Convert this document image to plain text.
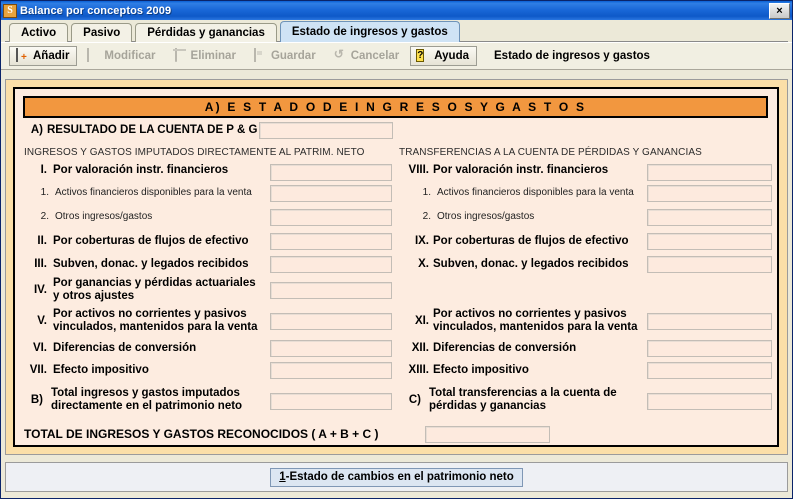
S Balance por conceptos 2009	×
Activo	Pasivo	Pérdidas y ganancias	Estado de ingresos y gastos
+
Añadir	Modificar	Eliminar	Guardar ↺ Cancelar ? Ayuda Estado de ingresos y gastos
A) E S T A D O D E I N G R E S O S Y G A S T O S
A) RESULTADO DE LA CUENTA DE P & G
INGRESOS Y GASTOS IMPUTADOS DIRECTAMENTE AL PATRIM. NETO	TRANSFERENCIAS A LA CUENTA DE PÉRDIDAS Y GANANCIAS
I. Por valoración instr. financieros
1. Activos financieros disponibles para la venta
2. Otros ingresos/gastos
II. Por coberturas de flujos de efectivo
III. Subven, donac. y legados recibidos
IV.
Por ganancias y pérdidas actuariales y otros ajustes
V.
Por activos no corrientes y pasivos vinculados, mantenidos para la venta
VI. Diferencias de conversión
VII. Efecto impositivo
B)
Total ingresos y gastos imputados directamente en el patrimonio neto
VIII. Por valoración instr. financieros
1. Activos financieros disponibles para la venta
2. Otros ingresos/gastos
IX. Por coberturas de flujos de efectivo
X. Subven, donac. y legados recibidos
XI.
Por activos no corrientes y pasivos vinculados, mantenidos para la venta
XII. Diferencias de conversión
XIII. Efecto impositivo
C)
Total transferencias a la cuenta de pérdidas y ganancias
TOTAL DE INGRESOS Y GASTOS RECONOCIDOS ( A + B + C )
1 - Estado de cambios en el patrimonio neto
